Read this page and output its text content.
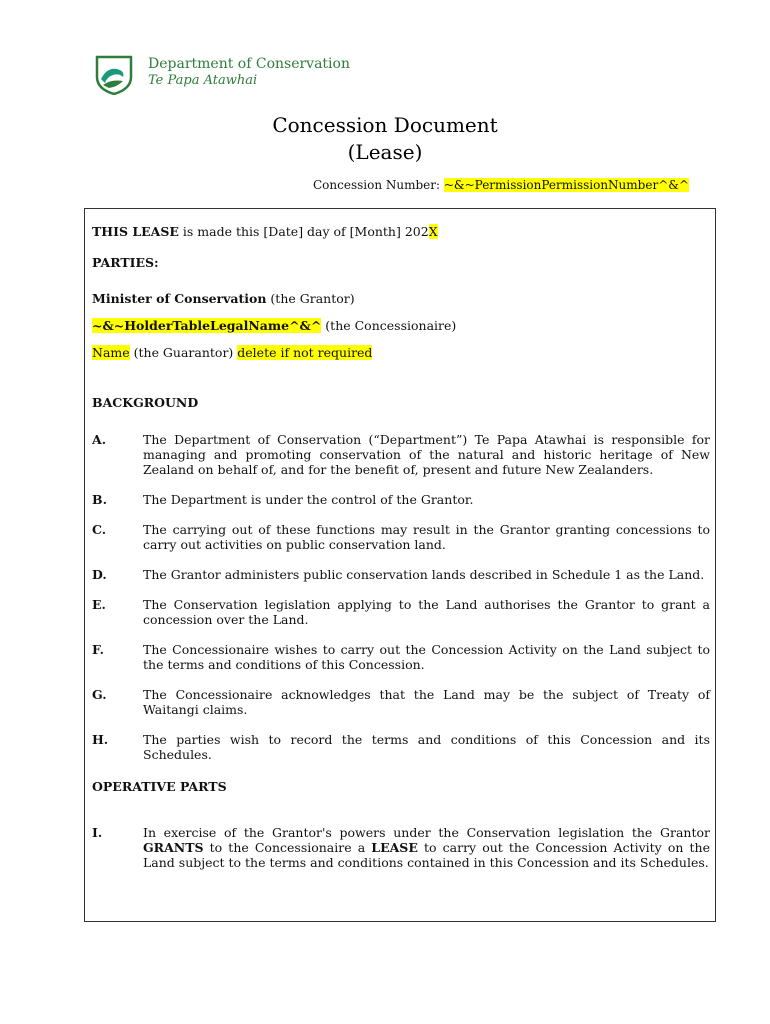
Department of Conservation
Te Papa Atawhai
Concession Document
(Lease)
Concession Number: ~&~PermissionPermissionNumber^&^
THIS LEASE is made this [Date] day of [Month] 202X
PARTIES:
Minister of Conservation (the Grantor)
~&~HolderTableLegalName^&^ (the Concessionaire)
Name (the Guarantor) delete if not required
BACKGROUND
A.	The Department of Conservation (“Department”) Te Papa Atawhai is responsible for managing and promoting conservation of the natural and historic heritage of New Zealand on behalf of, and for the benefit of, present and future New Zealanders.
B.	The Department is under the control of the Grantor.
C.	The carrying out of these functions may result in the Grantor granting concessions to carry out activities on public conservation land.
D.	The Grantor administers public conservation lands described in Schedule 1 as the Land.
E.	The Conservation legislation applying to the Land authorises the Grantor to grant a concession over the Land.
F.	The Concessionaire wishes to carry out the Concession Activity on the Land subject to the terms and conditions of this Concession.
G.	The Concessionaire acknowledges that the Land may be the subject of Treaty of Waitangi claims.
H.	The parties wish to record the terms and conditions of this Concession and its Schedules.
OPERATIVE PARTS
I.	In exercise of the Grantor's powers under the Conservation legislation the Grantor GRANTS to the Concessionaire a LEASE to carry out the Concession Activity on the Land subject to the terms and conditions contained in this Concession and its Schedules.
